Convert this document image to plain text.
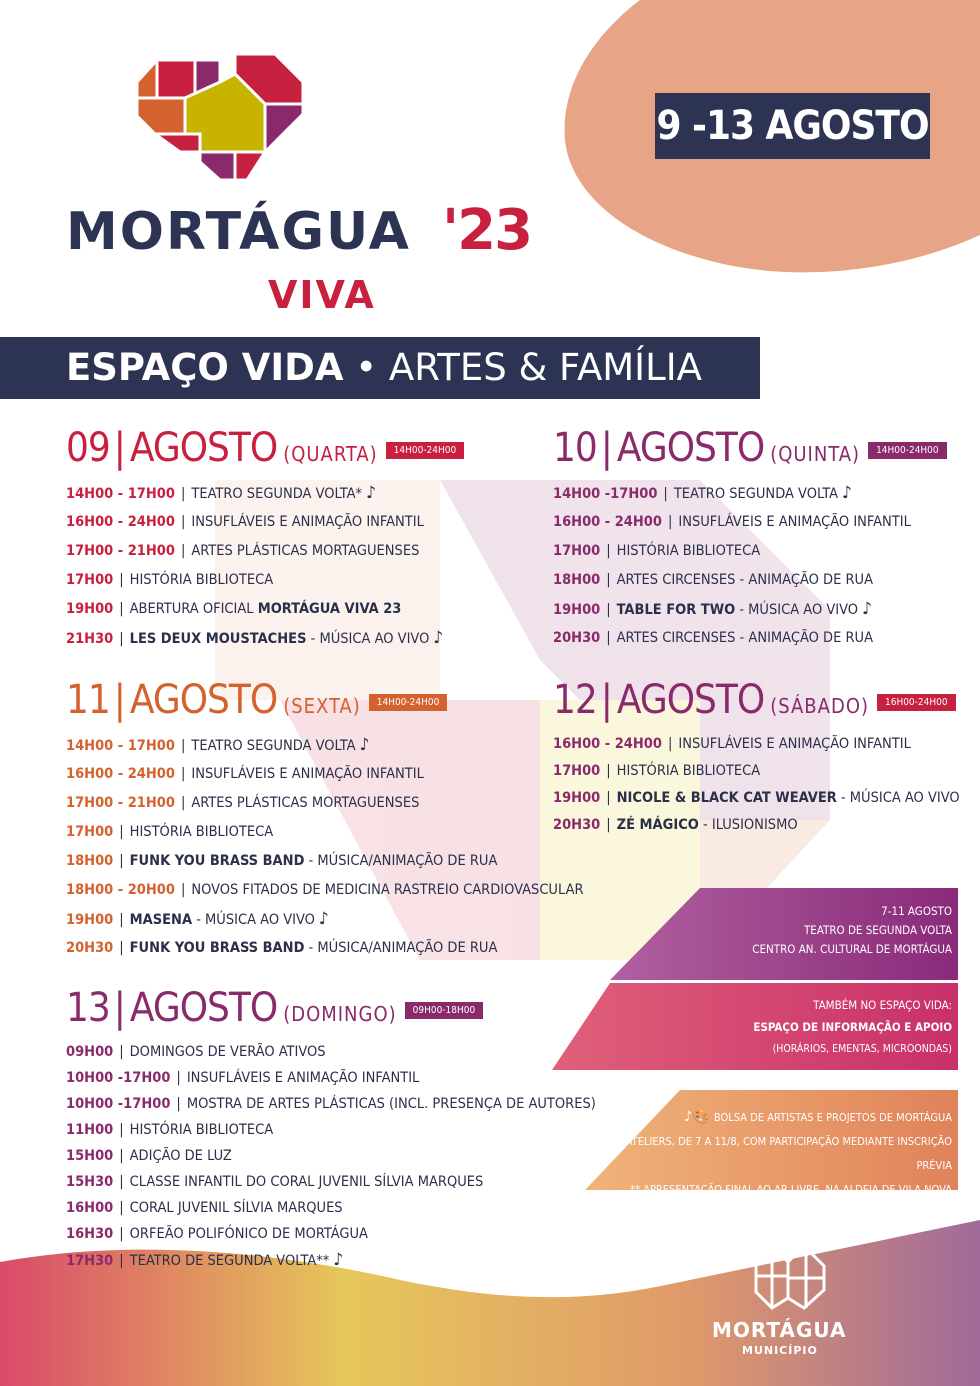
9 -13 AGOSTO
MORTÁGUA '23
VIVA
ESPAÇO VIDA • ARTES & FAMÍLIA
09 | AGOSTO (QUARTA) 14H00-24H00
14H00 - 17H00 | TEATRO SEGUNDA VOLTA* ♪
16H00 - 24H00 | INSUFLÁVEIS E ANIMAÇÃO INFANTIL
17H00 - 21H00 | ARTES PLÁSTICAS MORTAGUENSES
17H00 | HISTÓRIA BIBLIOTECA
19H00 | ABERTURA OFICIAL MORTÁGUA VIVA 23
21H30 | LES DEUX MOUSTACHES - MÚSICA AO VIVO ♪
10 | AGOSTO (QUINTA) 14H00-24H00
14H00 -17H00 | TEATRO SEGUNDA VOLTA ♪
16H00 - 24H00 | INSUFLÁVEIS E ANIMAÇÃO INFANTIL
17H00 | HISTÓRIA BIBLIOTECA
18H00 | ARTES CIRCENSES - ANIMAÇÃO DE RUA
19H00 | TABLE FOR TWO - MÚSICA AO VIVO ♪
20H30 | ARTES CIRCENSES - ANIMAÇÃO DE RUA
11 | AGOSTO (SEXTA) 14H00-24H00
14H00 - 17H00 | TEATRO SEGUNDA VOLTA ♪
16H00 - 24H00 | INSUFLÁVEIS E ANIMAÇÃO INFANTIL
17H00 - 21H00 | ARTES PLÁSTICAS MORTAGUENSES
17H00 | HISTÓRIA BIBLIOTECA
18H00 | FUNK YOU BRASS BAND - MÚSICA/ANIMAÇÃO DE RUA
18H00 - 20H00 | NOVOS FITADOS DE MEDICINA RASTREIO CARDIOVASCULAR
19H00 | MASENA - MÚSICA AO VIVO ♪
20H30 | FUNK YOU BRASS BAND - MÚSICA/ANIMAÇÃO DE RUA
12 | AGOSTO (SÁBADO) 16H00-24H00
16H00 - 24H00 | INSUFLÁVEIS E ANIMAÇÃO INFANTIL
17H00 | HISTÓRIA BIBLIOTECA
19H00 | NICOLE & BLACK CAT WEAVER - MÚSICA AO VIVO
20H30 | ZÉ MÁGICO - ILUSIONISMO
13 | AGOSTO (DOMINGO) 09H00-18H00
09H00 | DOMINGOS DE VERÃO ATIVOS
10H00 -17H00 | INSUFLÁVEIS E ANIMAÇÃO INFANTIL
10H00 -17H00 | MOSTRA DE ARTES PLÁSTICAS (INCL. PRESENÇA DE AUTORES)
11H00 | HISTÓRIA BIBLIOTECA
15H00 | ADIÇÃO DE LUZ
15H30 | CLASSE INFANTIL DO CORAL JUVENIL SÍLVIA MARQUES
16H00 | CORAL JUVENIL SÍLVIA MARQUES
16H30 | ORFEÃO POLIFÓNICO DE MORTÁGUA
17H30 | TEATRO DE SEGUNDA VOLTA** ♪
7-11 AGOSTO
TEATRO DE SEGUNDA VOLTA
CENTRO AN. CULTURAL DE MORTÁGUA
TAMBÉM NO ESPAÇO VIDA:
ESPAÇO DE INFORMAÇÃO E APOIO
(HORÁRIOS, EMENTAS, MICROONDAS)
♪🎨 BOLSA DE ARTISTAS E PROJETOS DE MORTÁGUA
* 5 ATELIERS, DE 7 A 11/8, COM PARTICIPAÇÃO MEDIANTE INSCRIÇÃO PRÉVIA
** APRESENTAÇÃO FINAL AO AR LIVRE, NA ALDEIA DE VILA NOVA
MORTÁGUA
MUNICÍPIO
